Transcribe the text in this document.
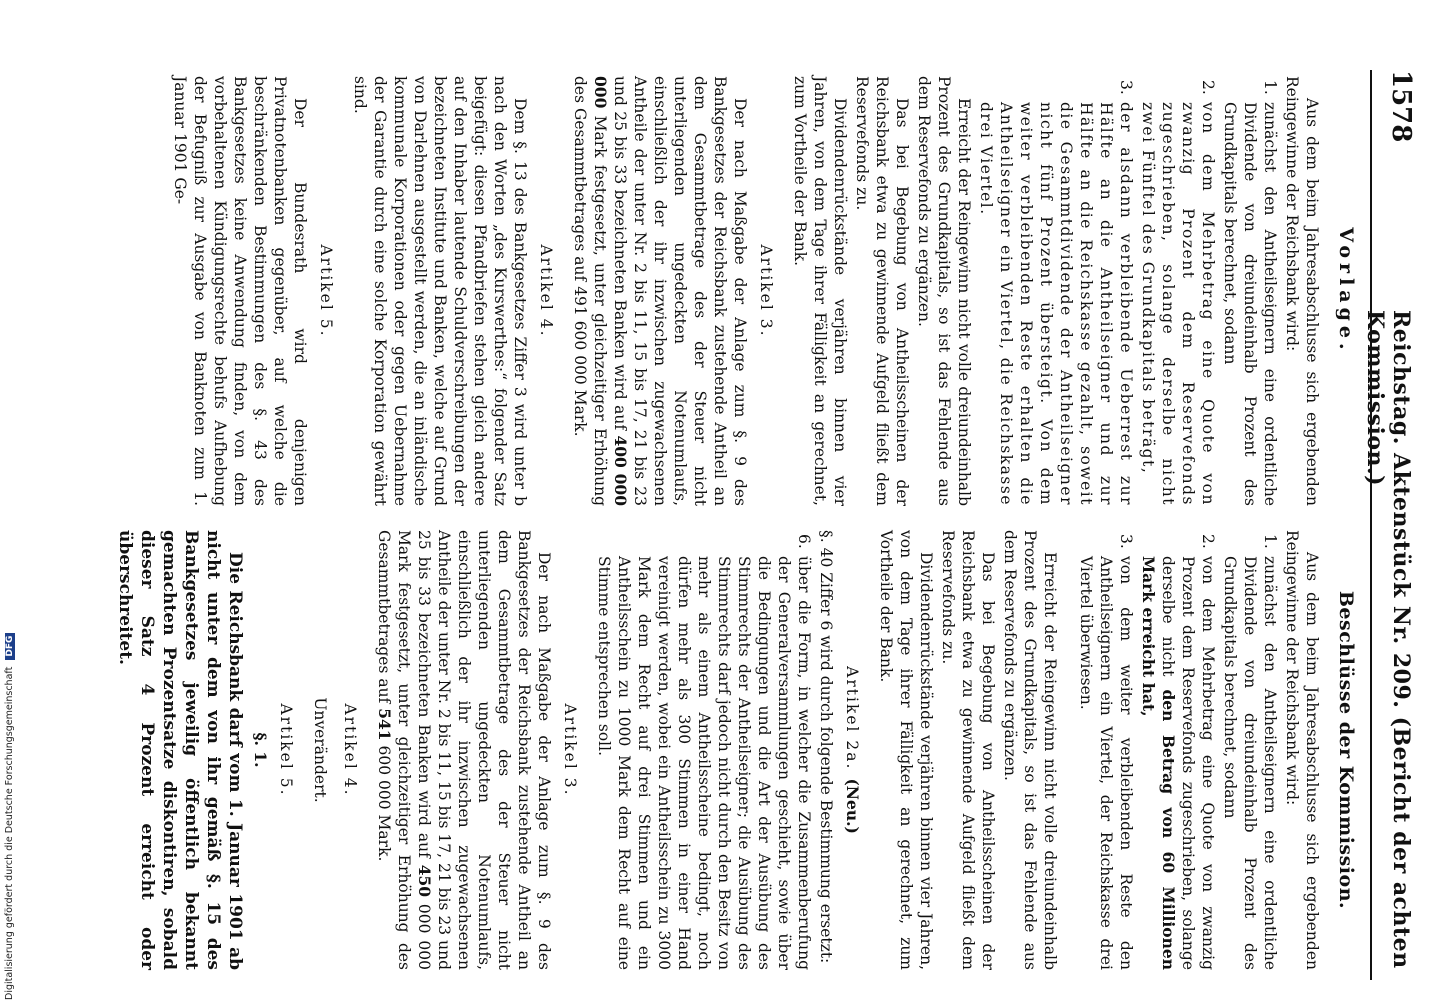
1578
Reichstag. Aktenstück Nr. 209. (Bericht der achten Kommission.)
Vorlage.

Aus dem beim Jahresabschlusse sich ergebenden Reingewinne der Reichsbank wird:

1.
zunächst den Antheilseignern eine ordentliche Dividende von dreiundeinhalb Prozent des Grundkapitals berechnet, sodann
2.
von dem Mehrbetrag eine Quote von zwanzig Prozent dem Reservefonds zugeschrieben, solange derselbe nicht zwei Fünftel des Grundkapitals beträgt,
3.
der alsdann verbleibende Ueberrest zur Hälfte an die Antheilseigner und zur Hälfte an die Reichskasse gezahlt, soweit die Gesammtdividende der Antheilseigner nicht fünf Prozent übersteigt. Von dem weiter verbleibenden Reste erhalten die Antheilseigner ein Viertel, die Reichskasse drei Viertel.

Erreicht der Reingewinn nicht volle dreiundeinhalb Prozent des Grundkapitals, so ist das Fehlende aus dem Reservefonds zu ergänzen.

Das bei Begebung von Antheilsscheinen der Reichsbank etwa zu gewinnende Aufgeld fließt dem Reservefonds zu.

Dividendenrückstände verjähren binnen vier Jahren, von dem Tage ihrer Fälligkeit an gerechnet, zum Vortheile der Bank.

Artikel 3.

Der nach Maßgabe der Anlage zum §. 9 des Bankgesetzes der Reichsbank zustehende Antheil an dem Gesammtbetrage des der Steuer nicht unterliegenden ungedeckten Notenumlaufs, einschließlich der ihr inzwischen zugewachsenen Antheile der unter Nr. 2 bis 11, 15 bis 17, 21 bis 23 und 25 bis 33 bezeichneten Banken wird auf 400 000 000 Mark festgesetzt, unter gleichzeitiger Erhöhung des Gesammtbetrages auf 491 600 000 Mark.

Artikel 4.

Dem §. 13 des Bankgesetzes Ziffer 3 wird unter b nach den Worten „des Kurswerthes:“ folgender Satz beigefügt: diesen Pfandbriefen stehen gleich andere auf den Inhaber lautende Schuldverschreibungen der bezeichneten Institute und Banken, welche auf Grund von Darlehnen ausgestellt werden, die an inländische kommunale Korporationen oder gegen Uebernahme der Garantie durch eine solche Korporation gewährt sind.

Artikel 5.

Der Bundesrath wird denjenigen Privatnotenbanken gegenüber, auf welche die beschränkenden Bestimmungen des §. 43 des Bankgesetzes keine Anwendung finden, von dem vorbehaltenen Kündigungsrechte behufs Aufhebung der Befugniß zur Ausgabe von Banknoten zum 1. Januar 1901 Ge-

Beschlüsse der Kommission.

Aus dem beim Jahresabschlusse sich ergebenden Reingewinne der Reichsbank wird:

1.
zunächst den Antheilseignern eine ordentliche Dividende von dreiundeinhalb Prozent des Grundkapitals berechnet, sodann
2.
von dem Mehrbetrag eine Quote von zwanzig Prozent dem Reservefonds zugeschrieben, solange derselbe nicht den Betrag von 60 Millionen Mark erreicht hat,
3.
von dem weiter verbleibenden Reste den Antheilseignern ein Viertel, der Reichskasse drei Viertel überwiesen.

Erreicht der Reingewinn nicht volle dreiundeinhalb Prozent des Grundkapitals, so ist das Fehlende aus dem Reservefonds zu ergänzen.

Das bei Begebung von Antheilsscheinen der Reichsbank etwa zu gewinnende Aufgeld fließt dem Reservefonds zu.

Dividendenrückstände verjähren binnen vier Jahren, von dem Tage ihrer Fälligkeit an gerechnet, zum Vortheile der Bank.

Artikel 2a.(Neu.)

§. 40 Ziffer 6 wird durch folgende Bestimmung ersetzt:

6.
über die Form, in welcher die Zusammenberufung der Generalversammlungen geschieht, sowie über die Bedingungen und die Art der Ausübung des Stimmrechts der Antheilseigner; die Ausübung des Stimmrechts darf jedoch nicht durch den Besitz von mehr als einem Antheilsscheine bedingt, noch dürfen mehr als 300 Stimmen in einer Hand vereinigt werden, wobei ein Antheilsschein zu 3000 Mark dem Recht auf drei Stimmen und ein Antheilsschein zu 1000 Mark dem Recht auf eine Stimme entsprechen soll.
Artikel 3.

Der nach Maßgabe der Anlage zum §. 9 des Bankgesetzes der Reichsbank zustehende Antheil an dem Gesammtbetrage des der Steuer nicht unterliegenden ungedeckten Notenumlaufs, einschließlich der ihr inzwischen zugewachsenen Antheile der unter Nr. 2 bis 11, 15 bis 17, 21 bis 23 und 25 bis 33 bezeichneten Banken wird auf 450 000 000 Mark festgesetzt, unter gleichzeitiger Erhöhung des Gesammtbetrages auf 541 600 000 Mark.

Artikel 4.
Unverändert.
Artikel 5.
§. 1.

Die Reichsbank darf vom 1. Januar 1901 ab nicht unter dem von ihr gemäß §. 15 des Bankgesetzes jeweilig öffentlich bekannt gemachten Prozentsatze diskontiren, sobald dieser Satz 4 Prozent erreicht oder überschreitet.

Digitalisierung gefördert durch die Deutsche Forschungsgemeinschaft DFG
